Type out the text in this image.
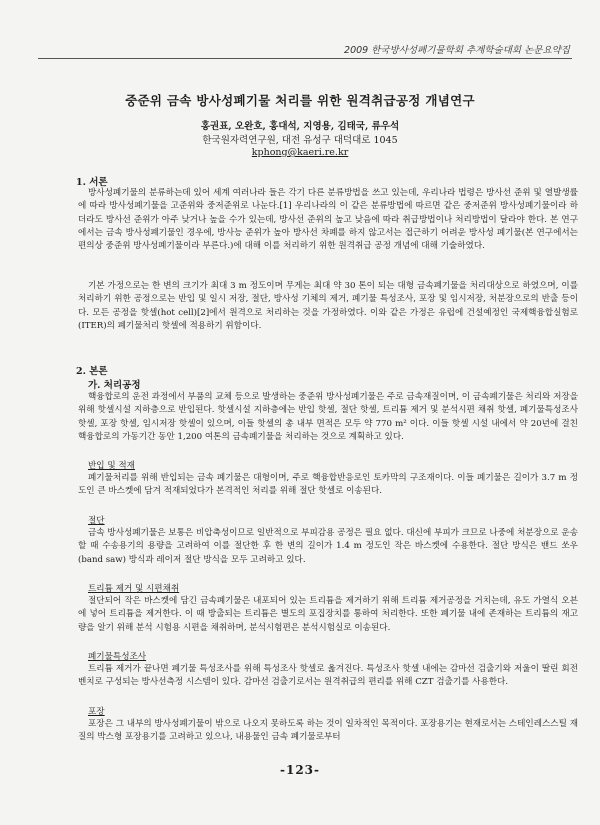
2009 한국방사성폐기물학회 추계학술대회 논문요약집
중준위 금속 방사성폐기물 처리를 위한 원격취급공정 개념연구
홍권표, 오완호, 홍대석, 지영용, 김태국, 류우석
한국원자력연구원, 대전 유성구 대덕대로 1045
kphong@kaeri.re.kr
1. 서론

방사성폐기물의 분류하는데 있어 세계 여러나라 들은 각기 다른 분류방법을 쓰고 있는데, 우리나라 법령은 방사선 준위 및 열발생률에 따라 방사성폐기물을 고준위와 중저준위로 나눈다.[1] 우리나라의 이 같은 분류방법에 따르면 같은 중저준위 방사성폐기물이라 하더라도 방사선 준위가 아주 낮거나 높을 수가 있는데, 방사선 준위의 높고 낮음에 따라 취급방법이나 처리방법이 달라야 한다. 본 연구에서는 금속 방사성폐기물인 경우에, 방사능 준위가 높아 방사선 차폐를 하지 않고서는 접근하기 어려운 방사성 폐기물(본 연구에서는 편의상 중준위 방사성폐기물이라 부른다.)에 대해 이를 처리하기 위한 원격취급 공정 개념에 대해 기술하였다.

기본 가정으로는 한 변의 크기가 최대 3 m 정도이며 무게는 최대 약 30 톤이 되는 대형 금속폐기물을 처리대상으로 하였으며, 이를 처리하기 위한 공정으로는 반입 및 일시 저장, 절단, 방사성 기체의 제거, 폐기물 특성조사, 포장 및 임시저장, 처분장으로의 반출 등이다. 모든 공정을 핫셀(hot cell)[2]에서 원격으로 처리하는 것을 가정하였다. 이와 같은 가정은 유럽에 건설예정인 국제핵융합실험로(ITER)의 폐기물처리 핫셀에 적용하기 위함이다.

2. 본론
가. 처리공정

핵융합로의 운전 과정에서 부품의 교체 등으로 발생하는 중준위 방사성폐기물은 주로 금속재질이며, 이 금속폐기물은 처리와 저장을 위해 핫셀시설 지하층으로 반입된다. 핫셀시설 지하층에는 반입 핫셀, 절단 핫셀, 트리튬 제거 및 분석시편 채취 핫셀, 폐기물특성조사 핫셀, 포장 핫셀, 임시저장 핫셀이 있으며, 이들 핫셀의 총 내부 면적은 모두 약 770 m² 이다. 이들 핫셀 시설 내에서 약 20년에 걸친 핵융합로의 가동기간 동안 1,200 여톤의 금속폐기물을 처리하는 것으로 계획하고 있다.

반입 및 적재

폐기물처리를 위해 반입되는 금속 폐기물은 대형이며, 주로 핵융합반응로인 토카막의 구조재이다. 이들 폐기물은 길이가 3.7 m 정도인 큰 바스켓에 담겨 적재되었다가 본격적인 처리를 위해 절단 핫셀로 이송된다.

절단

금속 방사성폐기물은 보통은 비압축성이므로 일반적으로 부피감용 공정은 필요 없다. 대신에 부피가 크므로 나중에 처분장으로 운송할 때 수송용기의 용량을 고려하여 이를 절단한 후 한 변의 길이가 1.4 m 정도인 작은 바스켓에 수용한다. 절단 방식은 밴드 쏘우(band saw) 방식과 레이저 절단 방식을 모두 고려하고 있다.

트리튬 제거 및 시편채취

절단되어 작은 바스켓에 담긴 금속폐기물은 내포되어 있는 트리튬을 제거하기 위해 트리튬 제거공정을 거치는데, 유도 가열식 오븐에 넣어 트리튬을 제거한다. 이 때 방출되는 트리튬은 별도의 포집장치를 통하여 처리한다. 또한 폐기물 내에 존재하는 트리튬의 재고량을 알기 위해 분석 시험용 시편을 채취하며, 분석시험편은 분석시험실로 이송된다.

폐기물특성조사

트리튬 제거가 끝나면 폐기물 특성조사를 위해 특성조사 핫셀로 옮겨진다. 특성조사 핫셀 내에는 감마선 검출기와 저울이 딸린 회전벤치로 구성되는 방사선측정 시스템이 있다. 감마선 검출기로서는 원격취급의 편리를 위해 CZT 검출기를 사용한다.

포장

포장은 그 내부의 방사성폐기물이 밖으로 나오지 못하도록 하는 것이 일차적인 목적이다. 포장용기는 현재로서는 스테인레스스틸 재질의 박스형 포장용기를 고려하고 있으나, 내용물인 금속 폐기물로부터

-123-
